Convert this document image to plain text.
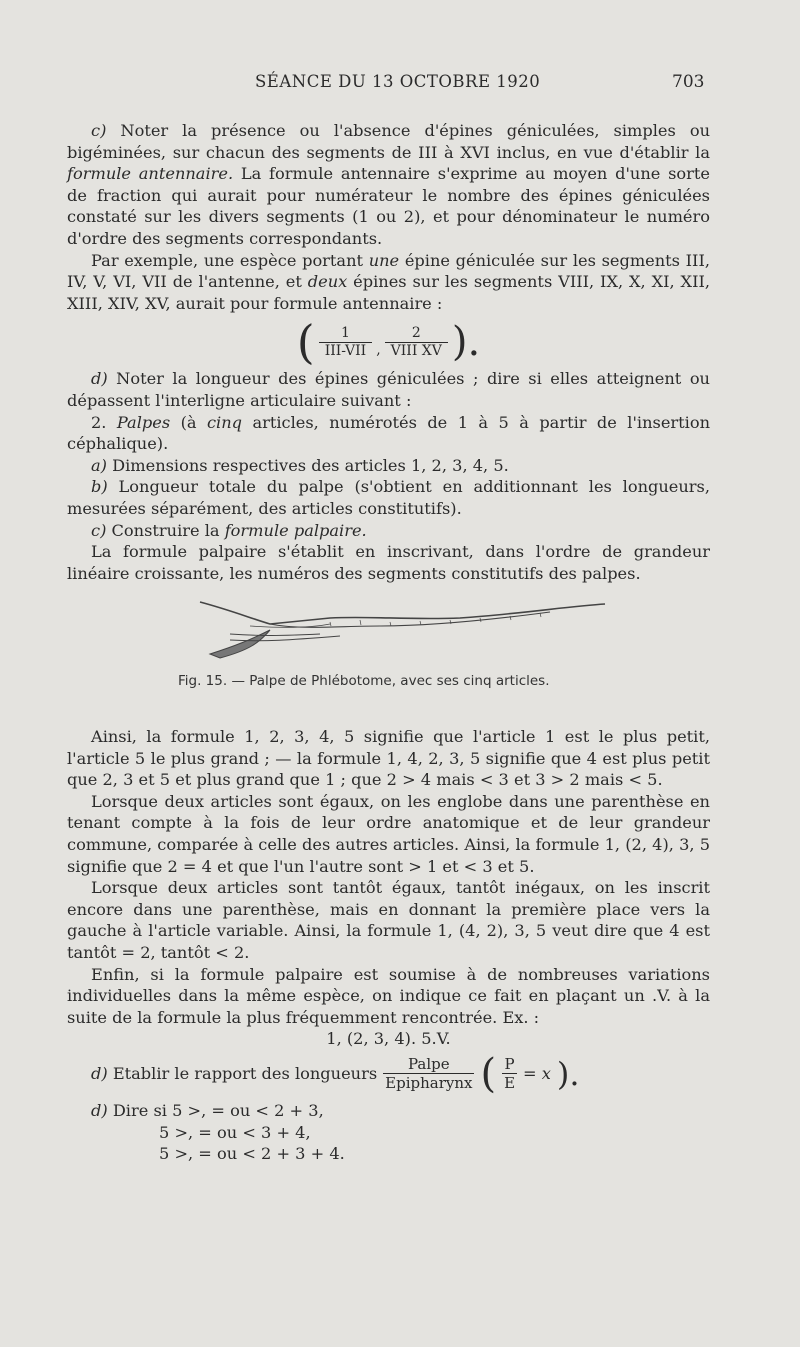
SÉANCE DU 13 OCTOBRE 1920	703

c) Noter la présence ou l'absence d'épines géniculées, simples ou bigéminées, sur chacun des segments de III à XVI inclus, en vue d'établir la formule antennaire. La formule antennaire s'exprime au moyen d'une sorte de fraction qui aurait pour numérateur le nombre des épines géniculées constaté sur les divers segments (1 ou 2), et pour dénominateur le numéro d'ordre des segments correspondants.

Par exemple, une espèce portant une épine géniculée sur les segments III, IV, V, VI, VII de l'antenne, et deux épines sur les segments VIII, IX, X, XI, XII, XIII, XIV, XV, aurait pour formule antennaire :

( $\frac{1}{\text{III-VII}}$ , $\frac{2}{\text{VIII XV}}$ ).

d) Noter la longueur des épines géniculées ; dire si elles atteignent ou dépassent l'interligne articulaire suivant :

2. Palpes (à cinq articles, numérotés de 1 à 5 à partir de l'insertion céphalique).

a) Dimensions respectives des articles 1, 2, 3, 4, 5.

b) Longueur totale du palpe (s'obtient en additionnant les longueurs, mesurées séparément, des articles constitutifs).

c) Construire la formule palpaire.

La formule palpaire s'établit en inscrivant, dans l'ordre de grandeur linéaire croissante, les numéros des segments constitutifs des palpes.

Fig. 15. — Palpe de Phlébotome, avec ses cinq articles.

Ainsi, la formule 1, 2, 3, 4, 5 signifie que l'article 1 est le plus petit, l'article 5 le plus grand ; — la formule 1, 4, 2, 3, 5 signifie que 4 est plus petit que 2, 3 et 5 et plus grand que 1 ; que 2 > 4 mais < 3 et 3 > 2 mais < 5.

Lorsque deux articles sont égaux, on les englobe dans une parenthèse en tenant compte à la fois de leur ordre anatomique et de leur grandeur commune, comparée à celle des autres articles. Ainsi, la formule 1, (2, 4), 3, 5 signifie que 2 = 4 et que l'un l'autre sont > 1 et < 3 et 5.

Lorsque deux articles sont tantôt égaux, tantôt inégaux, on les inscrit encore dans une parenthèse, mais en donnant la première place vers la gauche à l'article variable. Ainsi, la formule 1, (4, 2), 3, 5 veut dire que 4 est tantôt = 2, tantôt < 2.

Enfin, si la formule palpaire est soumise à de nombreuses variations individuelles dans la même espèce, on indique ce fait en plaçant un .V. à la suite de la formule la plus fréquemment rencontrée. Ex. :

1, (2, 3, 4). 5.V.

d) Etablir le rapport des longueurs Palpe
Epipharynx ( $\frac{P}{E} = x$ ).
d) Dire si 5 >, = ou < 2 + 3,
5 >, = ou < 3 + 4,
5 >, = ou < 2 + 3 + 4.
